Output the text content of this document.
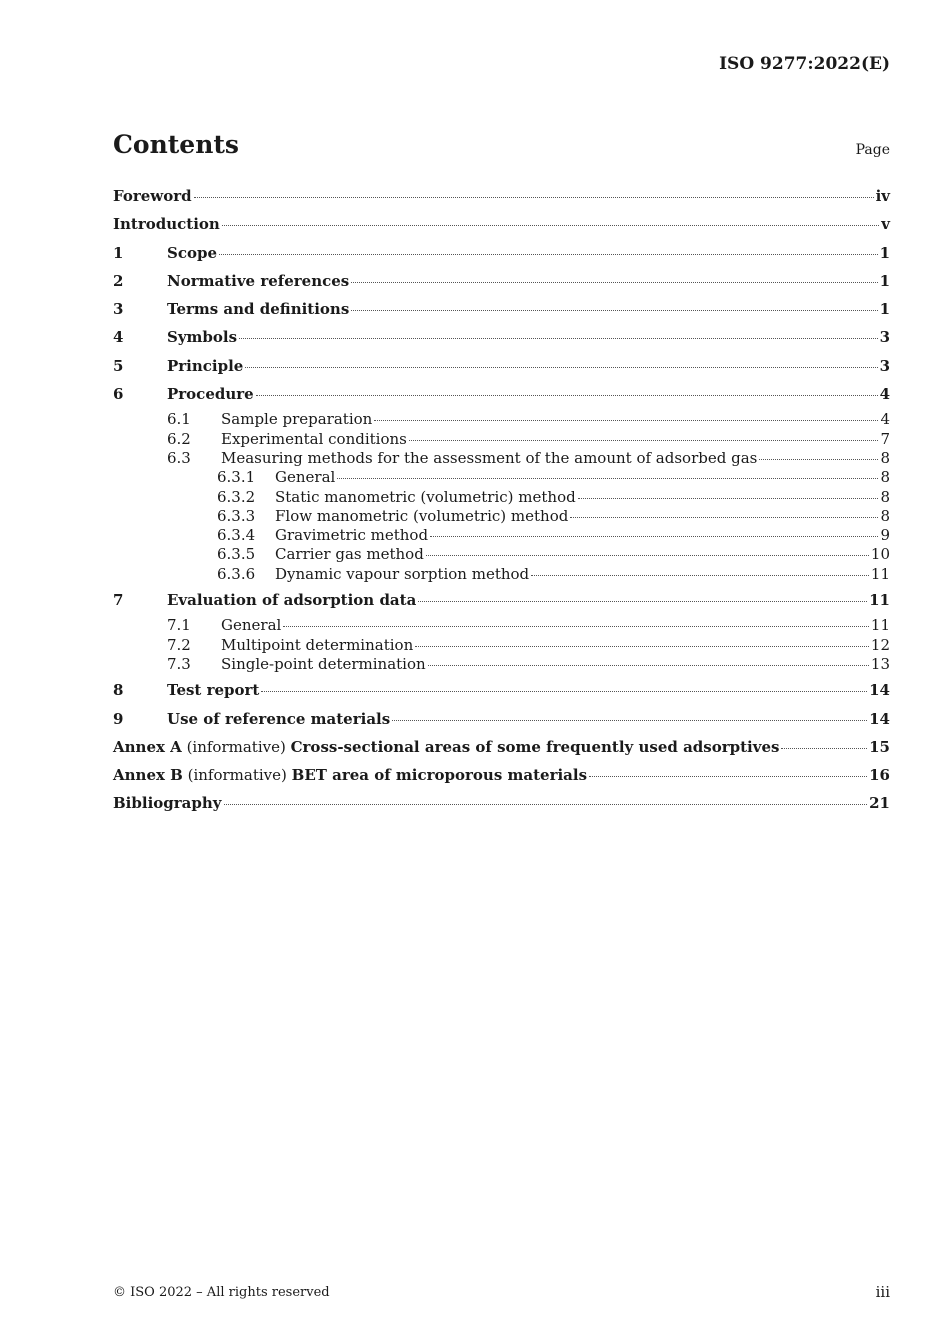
ISO 9277:2022(E)
Contents	Page
Foreword	iv
Introduction	v
1	Scope	1
2	Normative references	1
3	Terms and definitions	1
4	Symbols	3
5	Principle	3
6	Procedure	4
6.1	Sample preparation	4
6.2	Experimental conditions	7
6.3	Measuring methods for the assessment of the amount of adsorbed gas	8
6.3.1	General	8
6.3.2	Static manometric (volumetric) method	8
6.3.3	Flow manometric (volumetric) method	8
6.3.4	Gravimetric method	9
6.3.5	Carrier gas method	10
6.3.6	Dynamic vapour sorption method	11
7	Evaluation of adsorption data	11
7.1	General	11
7.2	Multipoint determination	12
7.3	Single-point determination	13
8	Test report	14
9	Use of reference materials	14
Annex A (informative) Cross-sectional areas of some frequently used adsorptives	15
Annex B (informative) BET area of microporous materials	16
Bibliography	21
© ISO 2022 – All rights reserved	iii
